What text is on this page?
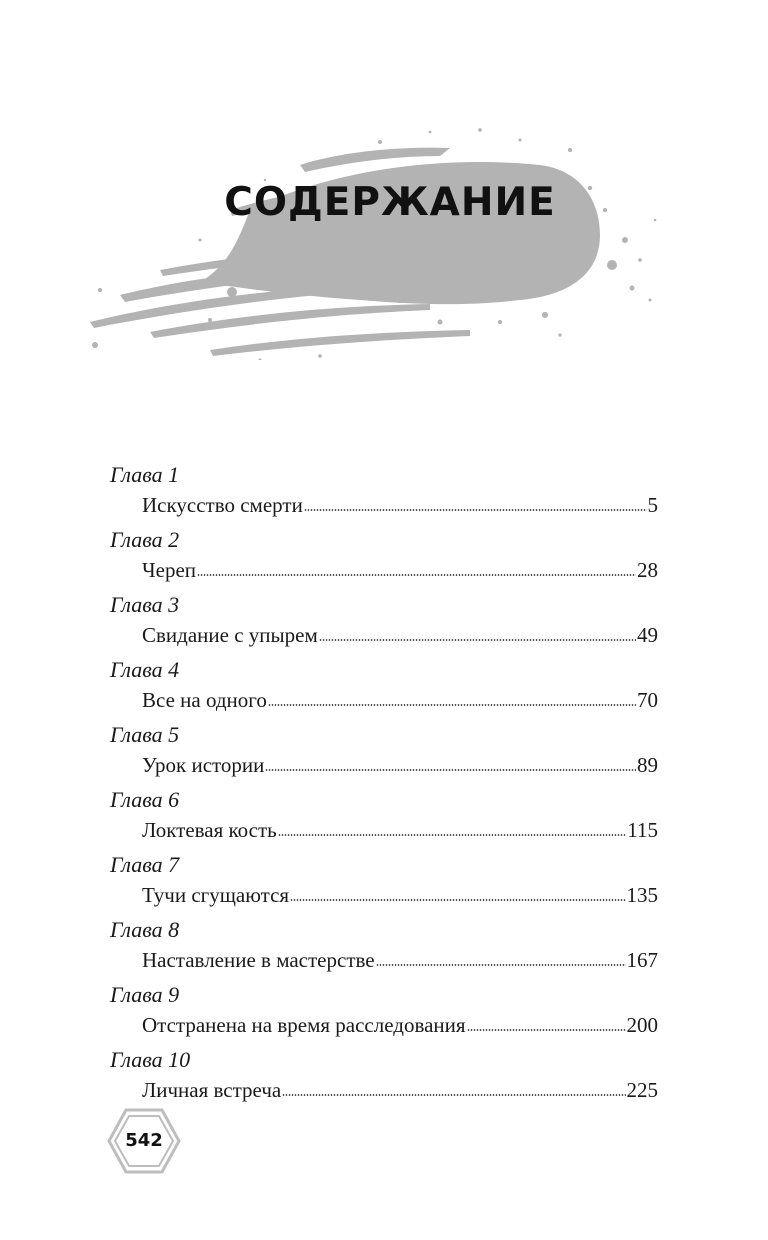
СОДЕРЖАНИЕ
Глава 1
Искусство смерти	5
Глава 2
Череп	28
Глава 3
Свидание с упырем	49
Глава 4
Все на одного	70
Глава 5
Урок истории	89
Глава 6
Локтевая кость	115
Глава 7
Тучи сгущаются	135
Глава 8
Наставление в мастерстве	167
Глава 9
Отстранена на время расследования	200
Глава 10
Личная встреча	225
542
